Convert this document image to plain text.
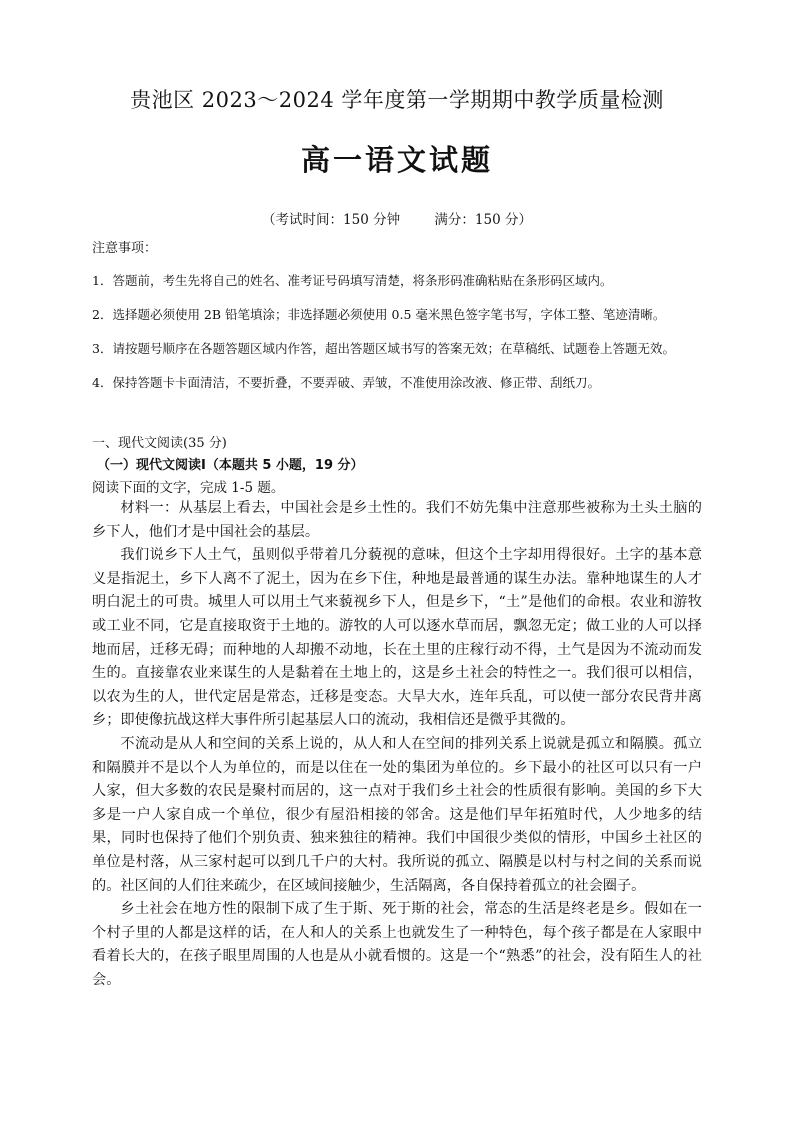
贵池区 2023～2024 学年度第一学期期中教学质量检测
高一语文试题
（考试时间：150 分钟        满分：150 分）
注意事项：
1．答题前，考生先将自己的姓名、准考证号码填写清楚，将条形码准确粘贴在条形码区域内。
2．选择题必须使用 2B 铅笔填涂；非选择题必须使用 0.5 毫米黑色签字笔书写，字体工整、笔迹清晰。
3．请按题号顺序在各题答题区域内作答，超出答题区域书写的答案无效；在草稿纸、试题卷上答题无效。
4．保持答题卡卡面清洁，不要折叠，不要弄破、弄皱，不准使用涂改液、修正带、刮纸刀。
一、现代文阅读(35 分)
（一）现代文阅读Ⅰ（本题共 5 小题，19 分）
阅读下面的文字，完成 1-5 题。

材料一：从基层上看去，中国社会是乡土性的。我们不妨先集中注意那些被称为土头土脑的乡下人，他们才是中国社会的基层。

我们说乡下人土气，虽则似乎带着几分藐视的意味，但这个土字却用得很好。土字的基本意义是指泥土，乡下人离不了泥土，因为在乡下住，种地是最普通的谋生办法。靠种地谋生的人才明白泥土的可贵。城里人可以用土气来藐视乡下人，但是乡下，“土”是他们的命根。农业和游牧或工业不同，它是直接取资于土地的。游牧的人可以逐水草而居，飘忽无定；做工业的人可以择地而居，迁移无碍；而种地的人却搬不动地，长在土里的庄稼行动不得，土气是因为不流动而发生的。直接靠农业来谋生的人是黏着在土地上的，这是乡土社会的特性之一。我们很可以相信，以农为生的人，世代定居是常态，迁移是变态。大旱大水，连年兵乱，可以使一部分农民背井离乡；即使像抗战这样大事件所引起基层人口的流动，我相信还是微乎其微的。

不流动是从人和空间的关系上说的，从人和人在空间的排列关系上说就是孤立和隔膜。孤立和隔膜并不是以个人为单位的，而是以住在一处的集团为单位的。乡下最小的社区可以只有一户人家，但大多数的农民是聚村而居的，这一点对于我们乡土社会的性质很有影响。美国的乡下大多是一户人家自成一个单位，很少有屋沿相接的邻舍。这是他们早年拓殖时代，人少地多的结果，同时也保持了他们个别负责、独来独往的精神。我们中国很少类似的情形，中国乡土社区的单位是村落，从三家村起可以到几千户的大村。我所说的孤立、隔膜是以村与村之间的关系而说的。社区间的人们往来疏少，在区域间接触少，生活隔离，各自保持着孤立的社会圈子。

乡土社会在地方性的限制下成了生于斯、死于斯的社会，常态的生活是终老是乡。假如在一个村子里的人都是这样的话，在人和人的关系上也就发生了一种特色，每个孩子都是在人家眼中看着长大的，在孩子眼里周围的人也是从小就看惯的。这是一个“熟悉”的社会，没有陌生人的社会。
